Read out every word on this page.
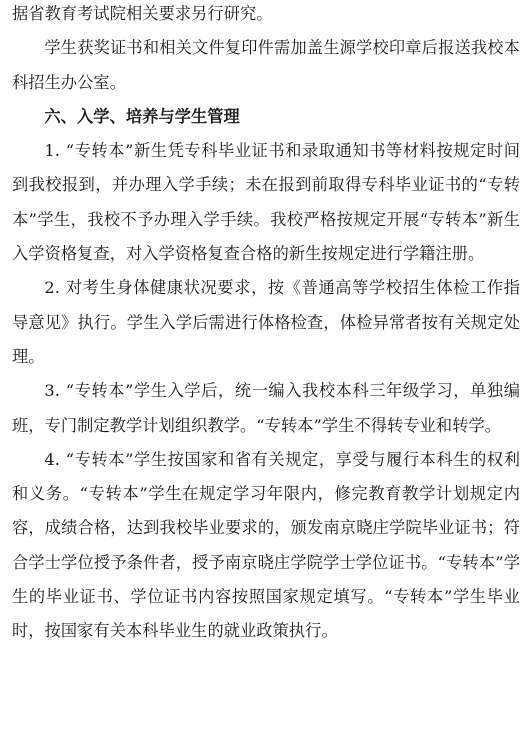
据省教育考试院相关要求另行研究。

学生获奖证书和相关文件复印件需加盖生源学校印章后报送我校本科招生办公室。

六、入学、培养与学生管理

1. “专转本”新生凭专科毕业证书和录取通知书等材料按规定时间到我校报到，并办理入学手续；未在报到前取得专科毕业证书的“专转本”学生，我校不予办理入学手续。我校严格按规定开展“专转本”新生入学资格复查，对入学资格复查合格的新生按规定进行学籍注册。

2. 对考生身体健康状况要求，按《普通高等学校招生体检工作指导意见》执行。学生入学后需进行体格检查，体检异常者按有关规定处理。

3. “专转本”学生入学后，统一编入我校本科三年级学习，单独编班，专门制定教学计划组织教学。“专转本”学生不得转专业和转学。

4. “专转本”学生按国家和省有关规定，享受与履行本科生的权利和义务。“专转本”学生在规定学习年限内，修完教育教学计划规定内容，成绩合格，达到我校毕业要求的，颁发南京晓庄学院毕业证书；符合学士学位授予条件者，授予南京晓庄学院学士学位证书。“专转本”学生的毕业证书、学位证书内容按照国家规定填写。“专转本”学生毕业时，按国家有关本科毕业生的就业政策执行。
